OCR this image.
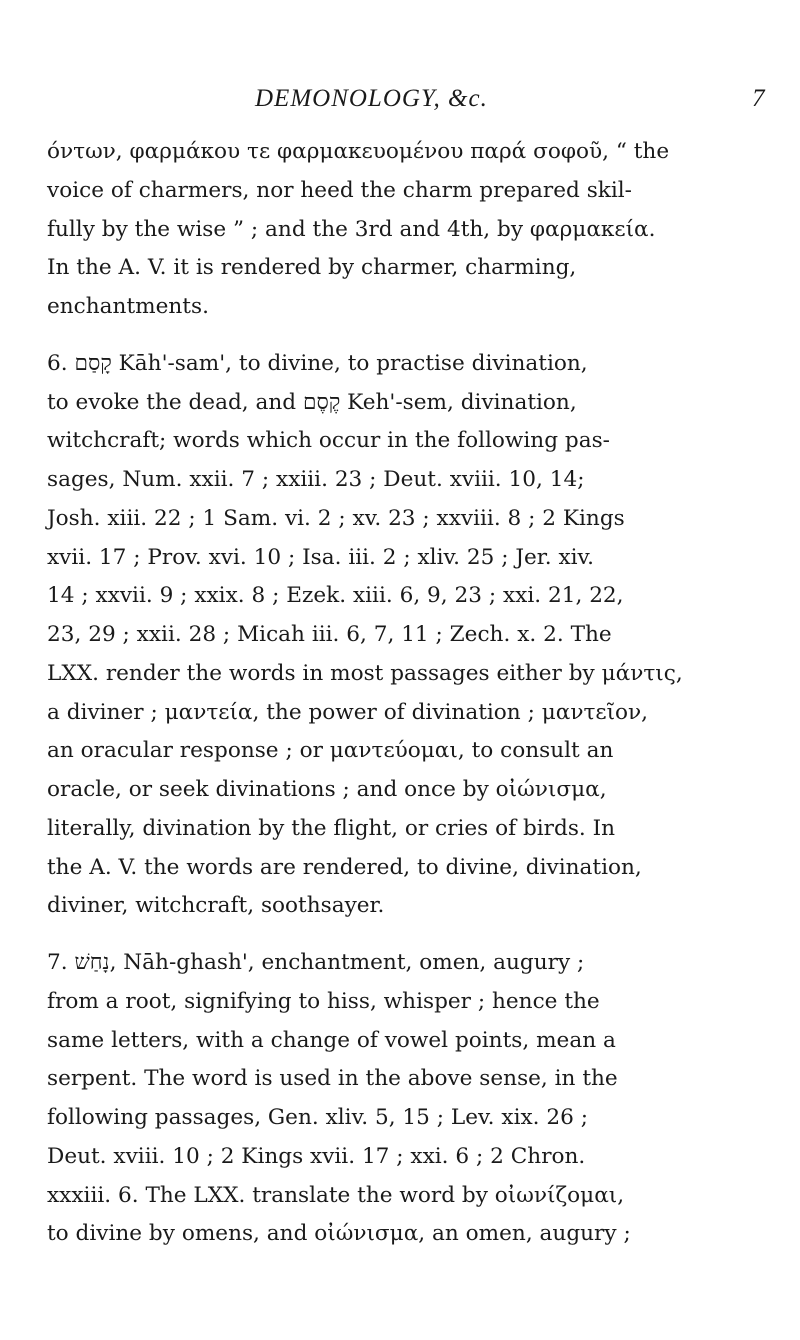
DEMONOLOGY, &c.	7
όντων, φαρμάκου τε φαρμακευομένου παρά σοφοῦ, “ the
voice of charmers, nor heed the charm prepared skil-
fully by the wise ” ; and the 3rd and 4th, by φαρμακεία.
In the A. V. it is rendered by charmer, charming,
enchantments.
6. קָסַם Kāh'-sam', to divine, to practise divination,
to evoke the dead, and קֶסֶם Keh'-sem, divination,
witchcraft; words which occur in the following pas-
sages, Num. xxii. 7 ; xxiii. 23 ; Deut. xviii. 10, 14;
Josh. xiii. 22 ; 1 Sam. vi. 2 ; xv. 23 ; xxviii. 8 ; 2 Kings
xvii. 17 ; Prov. xvi. 10 ; Isa. iii. 2 ; xliv. 25 ; Jer. xiv.
14 ; xxvii. 9 ; xxix. 8 ; Ezek. xiii. 6, 9, 23 ; xxi. 21, 22,
23, 29 ; xxii. 28 ; Micah iii. 6, 7, 11 ; Zech. x. 2. The
LXX. render the words in most passages either by μάντις,
a diviner ; μαντεία, the power of divination ; μαντεῖον,
an oracular response ; or μαντεύομαι, to consult an
oracle, or seek divinations ; and once by οἰώνισμα,
literally, divination by the flight, or cries of birds. In
the A. V. the words are rendered, to divine, divination,
diviner, witchcraft, soothsayer.
7. נָחַשׁ, Nāh-ghash', enchantment, omen, augury ;
from a root, signifying to hiss, whisper ; hence the
same letters, with a change of vowel points, mean a
serpent. The word is used in the above sense, in the
following passages, Gen. xliv. 5, 15 ; Lev. xix. 26 ;
Deut. xviii. 10 ; 2 Kings xvii. 17 ; xxi. 6 ; 2 Chron.
xxxiii. 6. The LXX. translate the word by οἰωνίζομαι,
to divine by omens, and οἰώνισμα, an omen, augury ;
